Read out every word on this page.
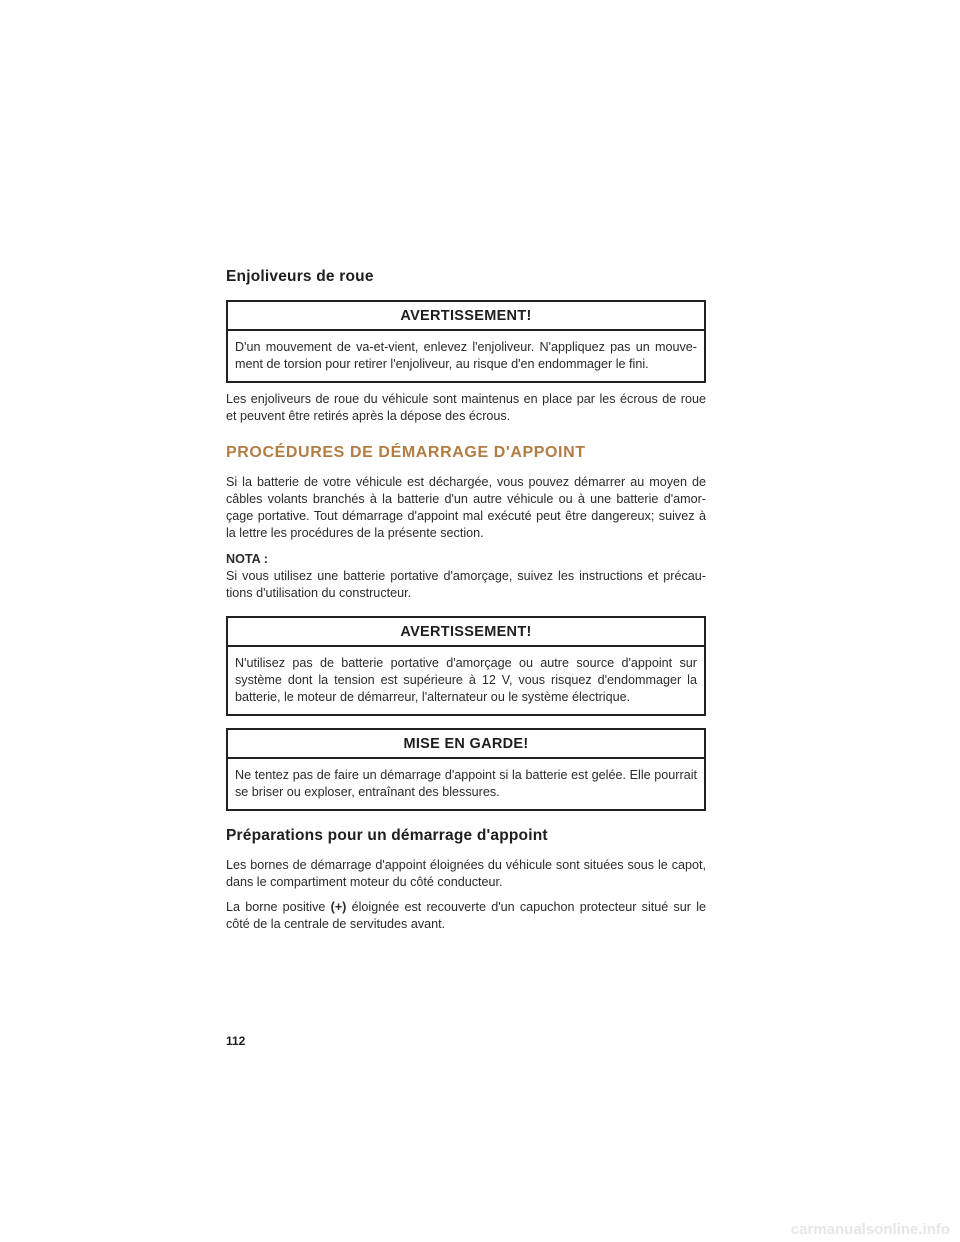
Enjoliveurs de roue
AVERTISSEMENT!
D'un mouvement de va-et-vient, enlevez l'enjoliveur. N'appliquez pas un mouve-ment de torsion pour retirer l'enjoliveur, au risque d'en endommager le fini.

Les enjoliveurs de roue du véhicule sont maintenus en place par les écrous de roue et peuvent être retirés après la dépose des écrous.

PROCÉDURES DE DÉMARRAGE D'APPOINT

Si la batterie de votre véhicule est déchargée, vous pouvez démarrer au moyen de câbles volants branchés à la batterie d'un autre véhicule ou à une batterie d'amor-çage portative. Tout démarrage d'appoint mal exécuté peut être dangereux; suivez à la lettre les procédures de la présente section.

NOTA :

Si vous utilisez une batterie portative d'amorçage, suivez les instructions et précau-tions d'utilisation du constructeur.

AVERTISSEMENT!
N'utilisez pas de batterie portative d'amorçage ou autre source d'appoint sur système dont la tension est supérieure à 12 V, vous risquez d'endommager la batterie, le moteur de démarreur, l'alternateur ou le système électrique.
MISE EN GARDE!
Ne tentez pas de faire un démarrage d'appoint si la batterie est gelée. Elle pourrait se briser ou exploser, entraînant des blessures.
Préparations pour un démarrage d'appoint

Les bornes de démarrage d'appoint éloignées du véhicule sont situées sous le capot, dans le compartiment moteur du côté conducteur.

La borne positive (+) éloignée est recouverte d'un capuchon protecteur situé sur le côté de la centrale de servitudes avant.

112
carmanualsonline.info
